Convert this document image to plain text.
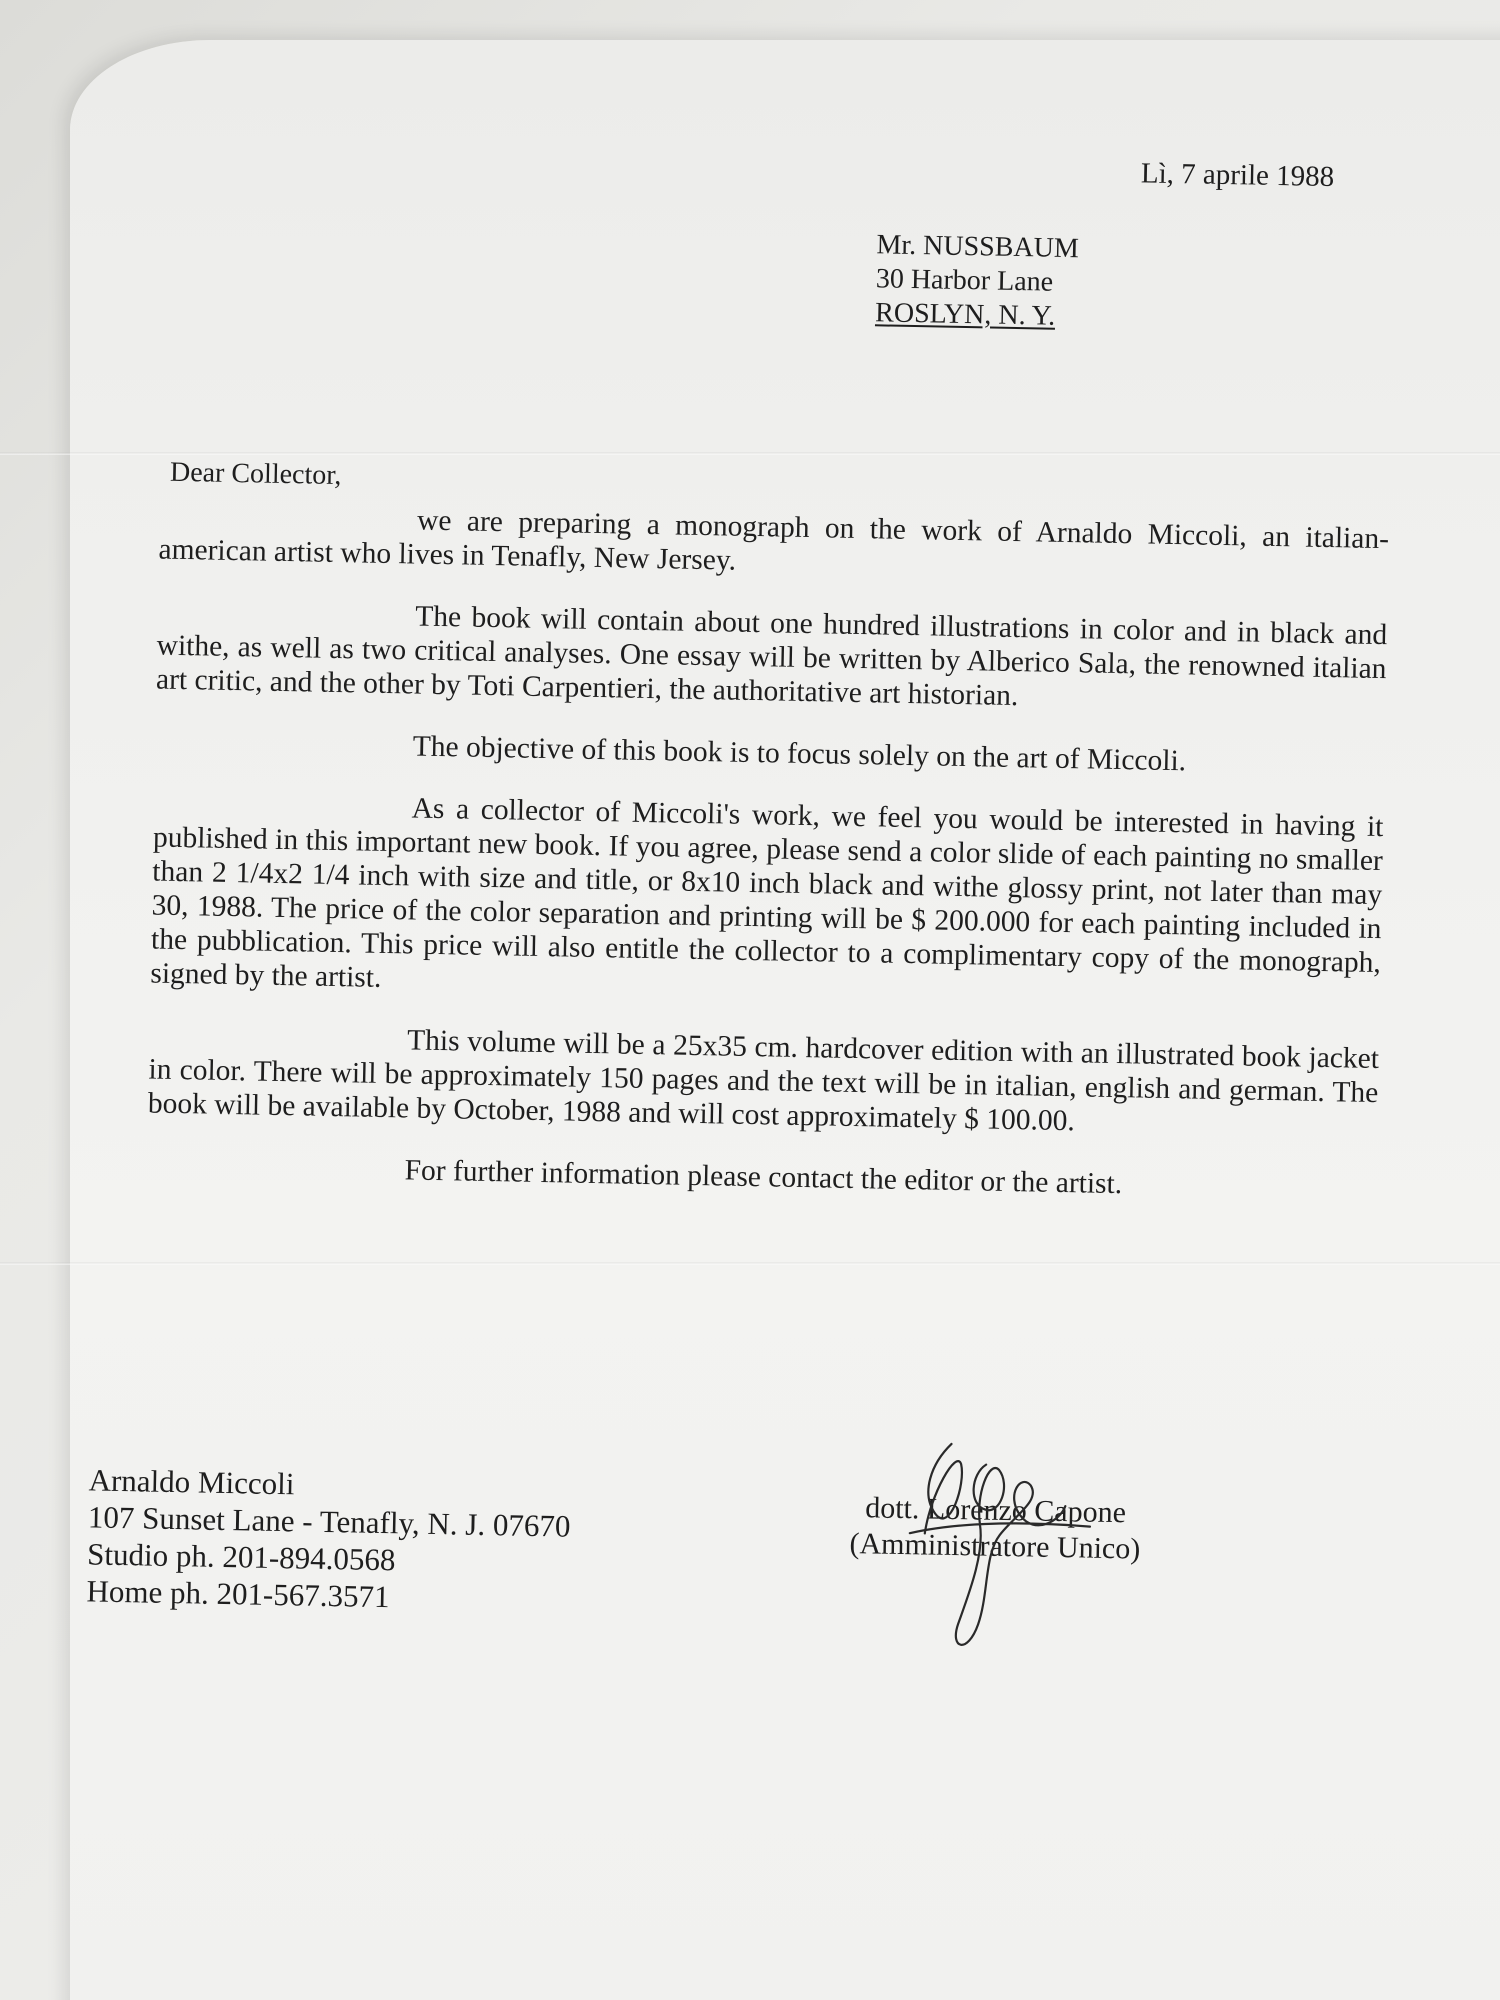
Lì, 7 aprile 1988
Mr. NUSSBAUM
30 Harbor Lane
ROSLYN, N. Y.
Dear Collector,

we are preparing a monograph on the work of Arnaldo Miccoli, an italian-american artist who lives in Tenafly, New Jersey.

The book will contain about one hundred illustrations in color and in black and withe, as well as two critical analyses. One essay will be written by Alberico Sala, the renowned italian art critic, and the other by Toti Carpentieri, the authoritative art historian.

The objective of this book is to focus solely on the art of Miccoli.

As a collector of Miccoli's work, we feel you would be interested in having it published in this important new book. If you agree, please send a color slide of each painting no smaller than 2 1/4x2 1/4 inch with size and title, or 8x10 inch black and withe glossy print, not later than may 30, 1988. The price of the color separation and printing will be $ 200.000 for each painting included in the pubblication. This price will also entitle the collector to a complimentary copy of the monograph, signed by the artist.

This volume will be a 25x35 cm. hardcover edition with an illustrated book jacket in color. There will be approximately 150 pages and the text will be in italian, english and german. The book will be available by October, 1988 and will cost approximately $ 100.00.

For further information please contact the editor or the artist.

Arnaldo Miccoli
107 Sunset Lane - Tenafly, N. J. 07670
Studio ph. 201-894.0568
Home ph. 201-567.3571
dott. Lorenzo Capone
(Amministratore Unico)
